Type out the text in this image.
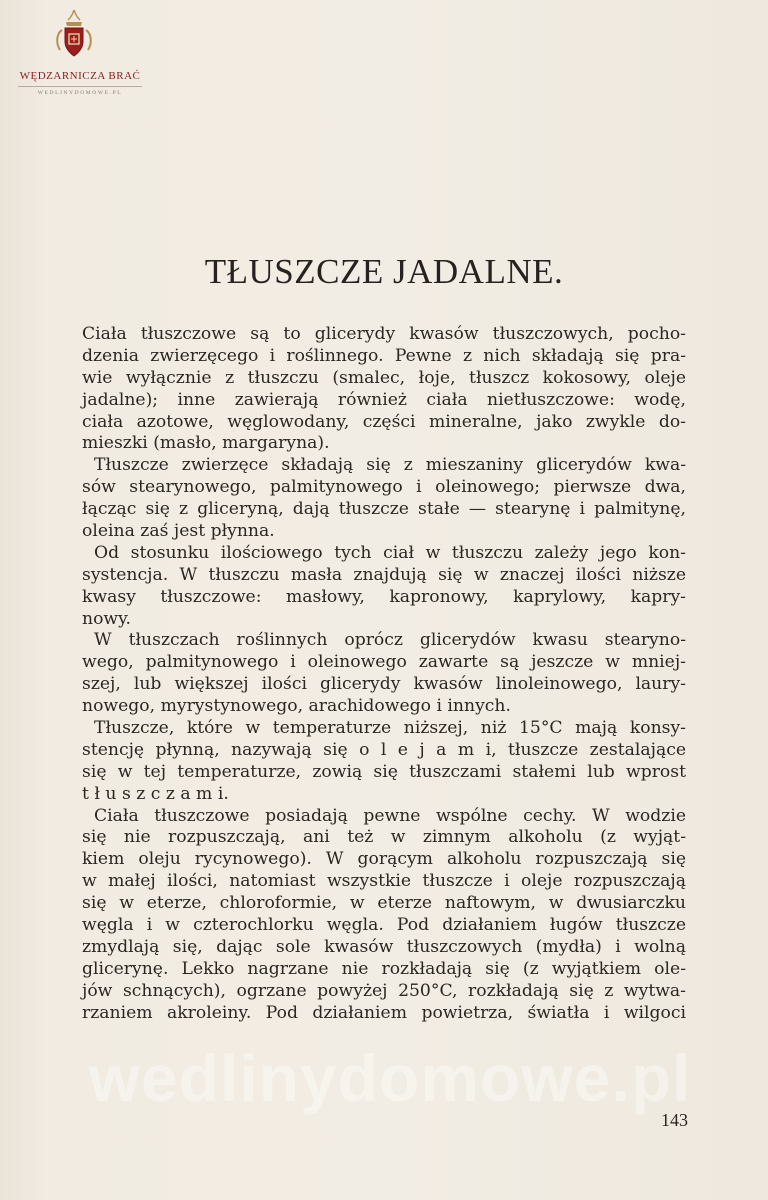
WĘDZARNICZA BRAĆ
WEDLINYDOMOWE.PL
TŁUSZCZE JADALNE.
Ciała tłuszczowe są to glicerydy kwasów tłuszczowych, pocho-
dzenia zwierzęcego i roślinnego. Pewne z nich składają się pra-
wie wyłącznie z tłuszczu (smalec, łoje, tłuszcz kokosowy, oleje
jadalne); inne zawierają również ciała nietłuszczowe: wodę,
ciała azotowe, węglowodany, części mineralne, jako zwykle do-
mieszki (masło, margaryna).
Tłuszcze zwierzęce składają się z mieszaniny glicerydów kwa-
sów stearynowego, palmitynowego i oleinowego; pierwsze dwa,
łącząc się z gliceryną, dają tłuszcze stałe — stearynę i palmitynę,
oleina zaś jest płynna.
Od stosunku ilościowego tych ciał w tłuszczu zależy jego kon-
systencja. W tłuszczu masła znajdują się w znaczej ilości niższe
kwasy tłuszczowe: masłowy, kapronowy, kaprylowy, kapry-
nowy.
W tłuszczach roślinnych oprócz glicerydów kwasu stearyno-
wego, palmitynowego i oleinowego zawarte są jeszcze w mniej-
szej, lub większej ilości glicerydy kwasów linoleinowego, laury-
nowego, myrystynowego, arachidowego i innych.
Tłuszcze, które w temperaturze niższej, niż 15°C mają konsy-
stencję płynną, nazywają się o l e j a m i, tłuszcze zestalające
się w tej temperaturze, zowią się tłuszczami stałemi lub wprost
t ł u s z c z a m i.
Ciała tłuszczowe posiadają pewne wspólne cechy. W wodzie
się nie rozpuszczają, ani też w zimnym alkoholu (z wyjąt-
kiem oleju rycynowego). W gorącym alkoholu rozpuszczają się
w małej ilości, natomiast wszystkie tłuszcze i oleje rozpuszczają
się w eterze, chloroformie, w eterze naftowym, w dwusiarczku
węgla i w czterochlorku węgla. Pod działaniem ługów tłuszcze
zmydlają się, dając sole kwasów tłuszczowych (mydła) i wolną
glicerynę. Lekko nagrzane nie rozkładają się (z wyjątkiem ole-
jów schnących), ogrzane powyżej 250°C, rozkładają się z wytwa-
rzaniem akroleiny. Pod działaniem powietrza, światła i wilgoci
wedlinydomowe.pl
143
